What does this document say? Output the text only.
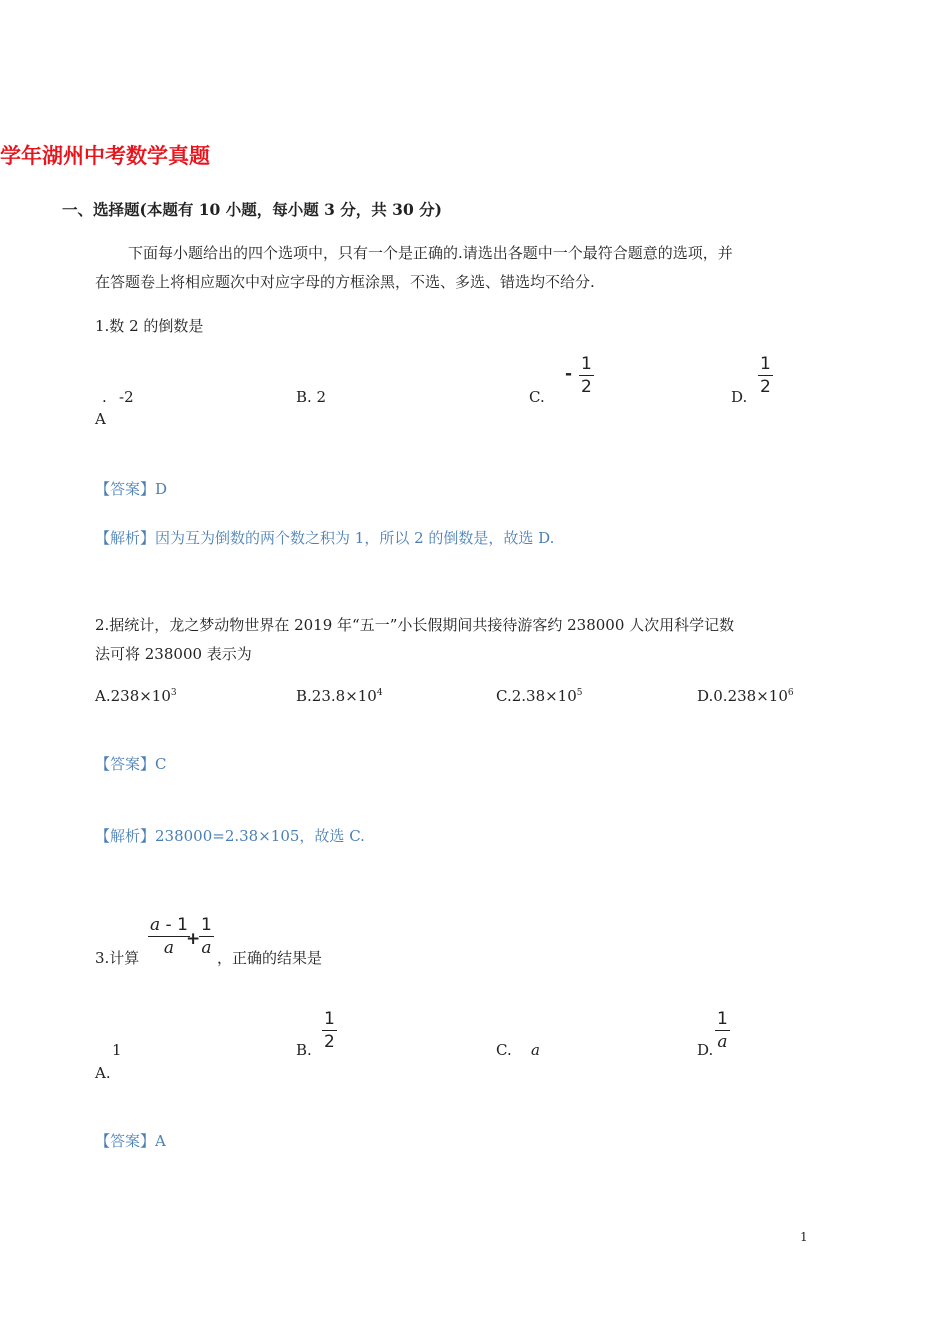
学年湖州中考数学真题
一、选择题(本题有 10 小题，每小题 3 分，共 30 分)
下面每小题给出的四个选项中，只有一个是正确的.请选出各题中一个最符合题意的选项，并
在答题卷上将相应题次中对应字母的方框涂黑，不选、多选、错选均不给分.
1.数 2 的倒数是
. -2
A
B. 2	C.
- 1
2	D.
1
2
【答案】D
【解析】因为互为倒数的两个数之积为 1，所以 2 的倒数是，故选 D.
2.据统计，龙之梦动物世界在 2019 年“五一”小长假期间共接待游客约 238000 人次用科学记数
法可将 238000 表示为
$A.238\times 10^3$	$B.23.8\times 10^4$	$C.2.38\times 10^5$	$D.0.238\times 10^6$
【答案】C
【解析】238000=2.38×105，故选 C.
3.计算
a - 1
a +
1
a ，正确的结果是
1
A.
B.
1
2	C. a	D.
1
a
【答案】A
1
